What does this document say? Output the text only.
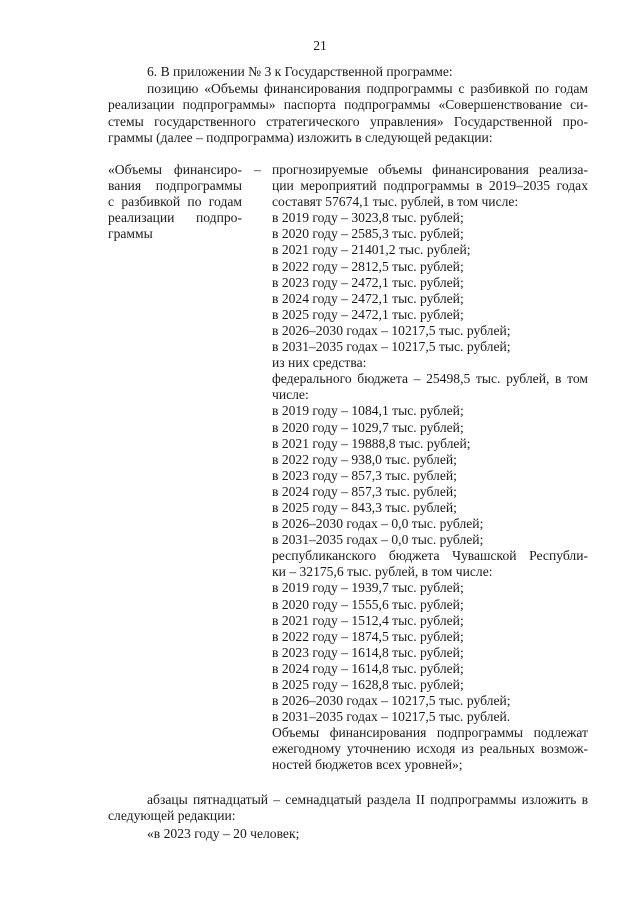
21
6. В приложении № 3 к Государственной программе:
позицию «Объемы финансирования подпрограммы с разбивкой по годам
реализации подпрограммы» паспорта подпрограммы «Совершенствование си-
стемы государственного стратегического управления» Государственной про-
граммы (далее – подпрограмма) изложить в следующей редакции:
«Объемы финансиро-
вания подпрограммы
с разбивкой по годам
реализации подпро-
граммы
– прогнозируемые объемы финансирования реализа-
ции мероприятий подпрограммы в 2019–2035 годах
составят 57674,1 тыс. рублей, в том числе:
в 2019 году – 3023,8 тыс. рублей;
в 2020 году – 2585,3 тыс. рублей;
в 2021 году – 21401,2 тыс. рублей;
в 2022 году – 2812,5 тыс. рублей;
в 2023 году – 2472,1 тыс. рублей;
в 2024 году – 2472,1 тыс. рублей;
в 2025 году – 2472,1 тыс. рублей;
в 2026–2030 годах – 10217,5 тыс. рублей;
в 2031–2035 годах – 10217,5 тыс. рублей;
из них средства:
федерального бюджета – 25498,5 тыс. рублей, в том
числе:
в 2019 году – 1084,1 тыс. рублей;
в 2020 году – 1029,7 тыс. рублей;
в 2021 году – 19888,8 тыс. рублей;
в 2022 году – 938,0 тыс. рублей;
в 2023 году – 857,3 тыс. рублей;
в 2024 году – 857,3 тыс. рублей;
в 2025 году – 843,3 тыс. рублей;
в 2026–2030 годах – 0,0 тыс. рублей;
в 2031–2035 годах – 0,0 тыс. рублей;
республиканского бюджета Чувашской Республи-
ки – 32175,6 тыс. рублей, в том числе:
в 2019 году – 1939,7 тыс. рублей;
в 2020 году – 1555,6 тыс. рублей;
в 2021 году – 1512,4 тыс. рублей;
в 2022 году – 1874,5 тыс. рублей;
в 2023 году – 1614,8 тыс. рублей;
в 2024 году – 1614,8 тыс. рублей;
в 2025 году – 1628,8 тыс. рублей;
в 2026–2030 годах – 10217,5 тыс. рублей;
в 2031–2035 годах – 10217,5 тыс. рублей.
Объемы финансирования подпрограммы подлежат
ежегодному уточнению исходя из реальных возмож-
ностей бюджетов всех уровней»;
абзацы пятнадцатый – семнадцатый раздела II подпрограммы изложить в
следующей редакции:
«в 2023 году – 20 человек;
